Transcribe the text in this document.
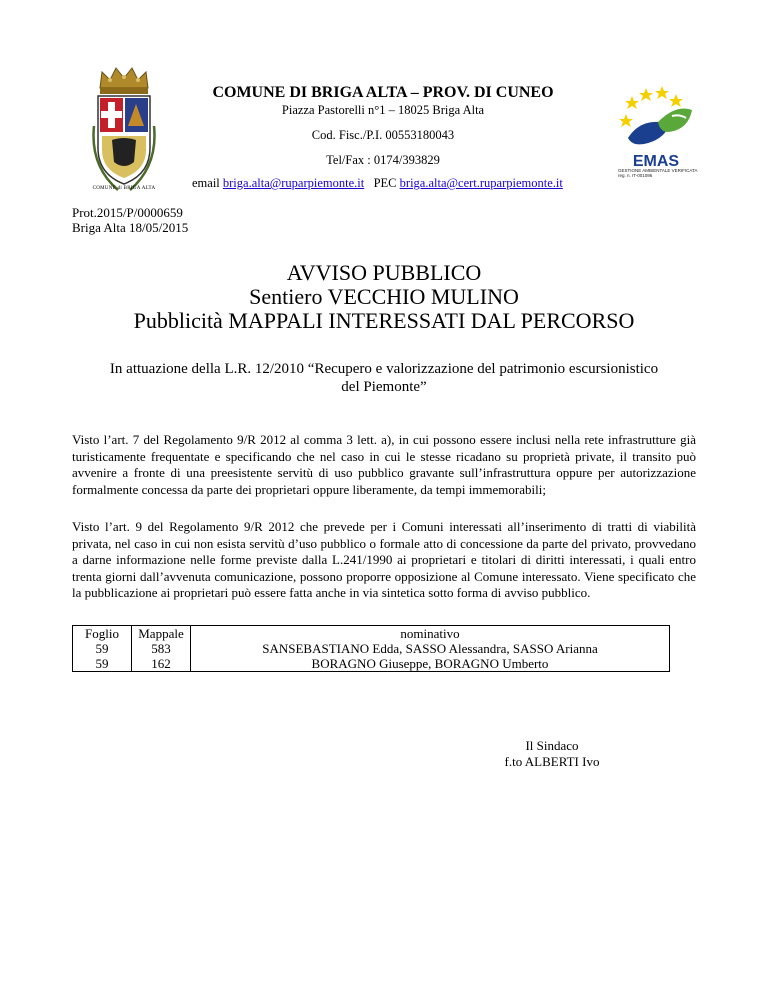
COMUNE di BRIGA ALTA
COMUNE DI BRIGA ALTA – PROV. DI CUNEO
Piazza Pastorelli n°1 – 18025 Briga Alta
Cod. Fisc./P.I. 00553180043
Tel/Fax : 0174/393829
email briga.alta@ruparpiemonte.it PEC briga.alta@cert.ruparpiemonte.it
EMAS
GESTIONE AMBIENTALE VERIFICATA reg. n. IT-001096
Prot.2015/P/0000659
Briga Alta 18/05/2015
AVVISO PUBBLICO
Sentiero VECCHIO MULINO
Pubblicità MAPPALI INTERESSATI DAL PERCORSO
In attuazione della L.R. 12/2010 “Recupero e valorizzazione del patrimonio escursionistico del Piemonte”
Visto l’art. 7 del Regolamento 9/R 2012 al comma 3 lett. a), in cui possono essere inclusi nella rete infrastrutture già turisticamente frequentate e specificando che nel caso in cui le stesse ricadano su proprietà private, il transito può avvenire a fronte di una preesistente servitù di uso pubblico gravante sull’infrastruttura oppure per autorizzazione formalmente concessa da parte dei proprietari oppure liberamente, da tempi immemorabili;
Visto l’art. 9 del Regolamento 9/R 2012 che prevede per i Comuni interessati all’inserimento di tratti di viabilità privata, nel caso in cui non esista servitù d’uso pubblico o formale atto di concessione da parte del privato, provvedano a darne informazione nelle forme previste dalla L.241/1990 ai proprietari e titolari di diritti interessati, i quali entro trenta giorni dall’avvenuta comunicazione, possono proporre opposizione al Comune interessato. Viene specificato che la pubblicazione ai proprietari può essere fatta anche in via sintetica sotto forma di avviso pubblico.
Foglio	Mappale	nominativo
59	583	SANSEBASTIANO Edda, SASSO Alessandra, SASSO Arianna
59	162	BORAGNO Giuseppe, BORAGNO Umberto
Il Sindaco
f.to ALBERTI Ivo
